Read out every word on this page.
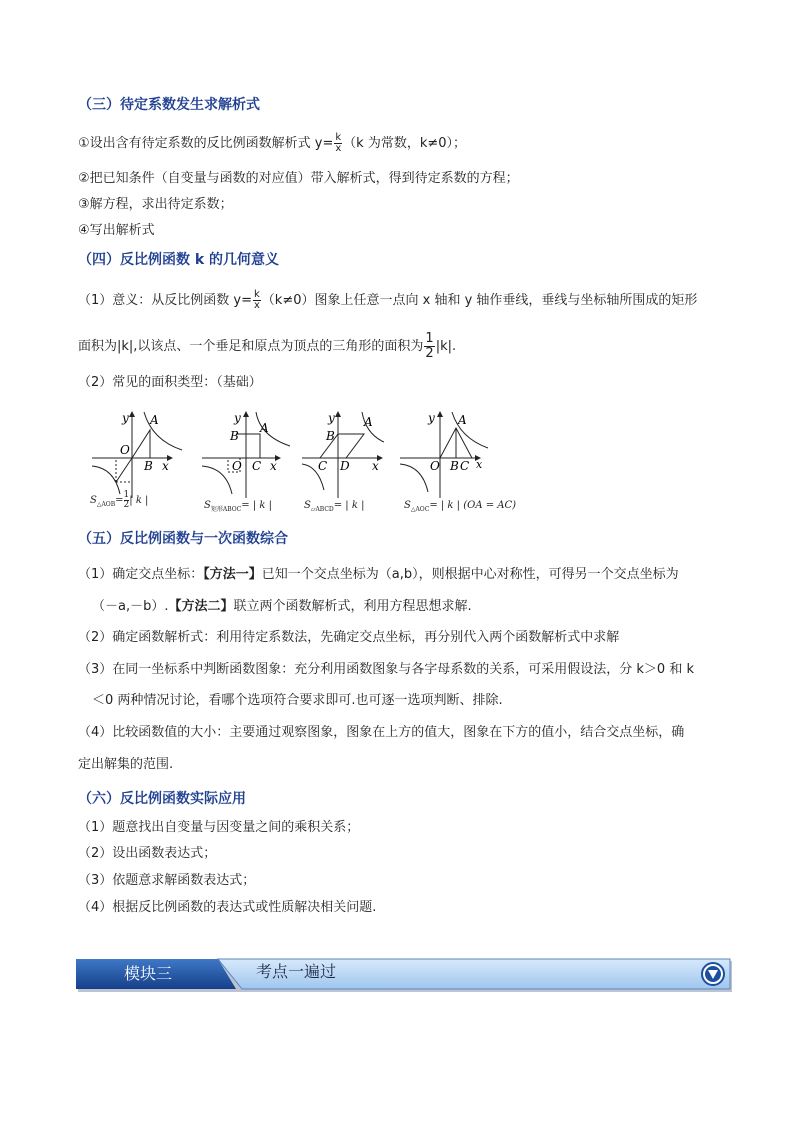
（三）待定系数发生求解析式
①设出含有待定系数的反比例函数解析式 $y= \frac{k}{x} (k$ 为常数，k≠0）；
②把已知条件（自变量与函数的对应值）带入解析式，得到待定系数的方程；
③解方程，求出待定系数；
④写出解析式
（四）反比例函数 k 的几何意义
（1）意义：从反比例函数 $y= \frac{k}{x} (k\ne 0)$图象上任意一点向 x 轴和 y 轴作垂线，垂线与坐标轴所围成的矩形
面积为|k|,以该点、一个垂足和原点为顶点的三角形的面积为 $\frac{1}{2} |k|$.
（2）常见的面积类型：（基础）
y A
O
B x
$S_{\triangle AOB}= \frac{1}{2}$ | k |
y
A
B
O C x
$S_{矩形ABOC}=$ | k |
y A
B
C D x
$S_{▱ABCD}=$ | k |
y A
O B C x
$S_{\triangle AOC}=$ | k | (OA = AC)
（五）反比例函数与一次函数综合
（1）确定交点坐标：【方法一】已知一个交点坐标为（a,b），则根据中心对称性，可得另一个交点坐标为
（－a,－b）.【方法二】联立两个函数解析式，利用方程思想求解.
（2）确定函数解析式：利用待定系数法，先确定交点坐标，再分别代入两个函数解析式中求解
（3）在同一坐标系中判断函数图象：充分利用函数图象与各字母系数的关系，可采用假设法，分 k＞0 和 k
＜0 两种情况讨论，看哪个选项符合要求即可.也可逐一选项判断、排除.
（4）比较函数值的大小：主要通过观察图象，图象在上方的值大，图象在下方的值小，结合交点坐标，确
定出解集的范围.
（六）反比例函数实际应用
（1）题意找出自变量与因变量之间的乘积关系；
（2）设出函数表达式；
（3）依题意求解函数表达式；
（4）根据反比例函数的表达式或性质解决相关问题.
模块三	考点一遍过
